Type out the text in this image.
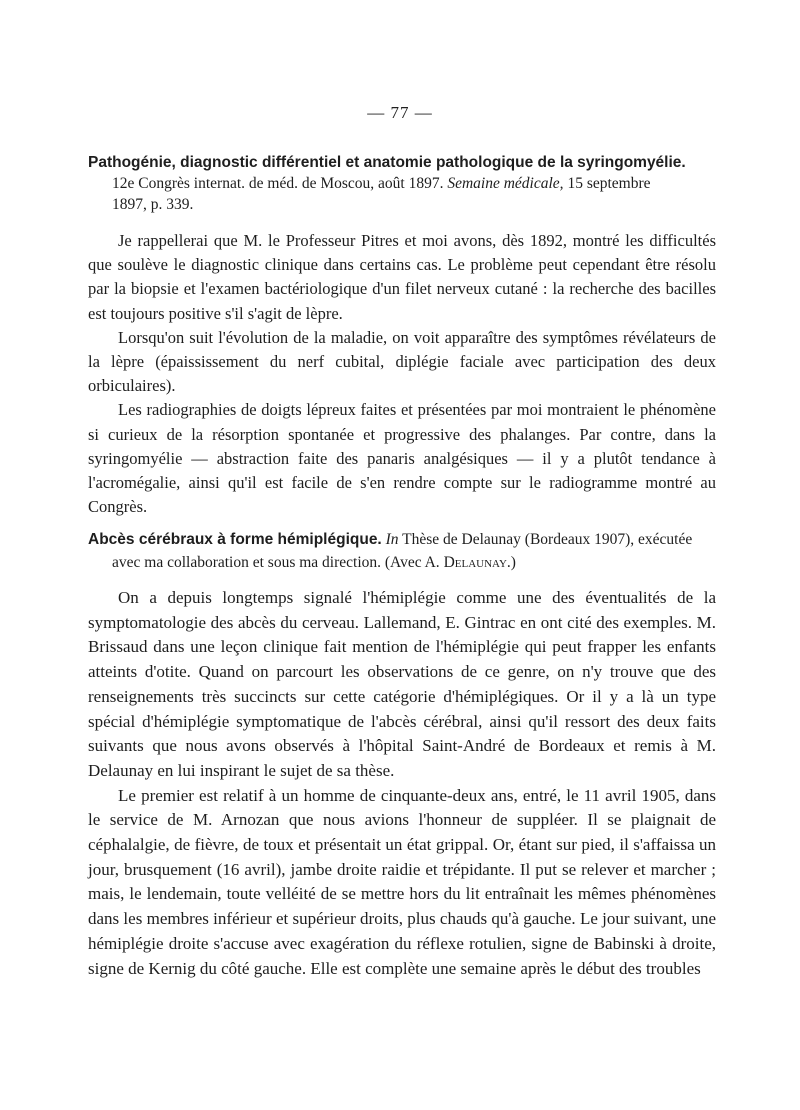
— 77 —
Pathogénie, diagnostic différentiel et anatomie pathologique de la syringomyélie.
12e Congrès internat. de méd. de Moscou, août 1897. Semaine médicale, 15 septembre
1897, p. 339.

Je rappellerai que M. le Professeur Pitres et moi avons, dès 1892, montré les difficultés que soulève le diagnostic clinique dans certains cas. Le problème peut cependant être résolu par la biopsie et l'examen bactériologique d'un filet nerveux cutané : la recherche des bacilles est toujours positive s'il s'agit de lèpre.

Lorsqu'on suit l'évolution de la maladie, on voit apparaître des symptômes révélateurs de la lèpre (épaississement du nerf cubital, diplégie faciale avec participation des deux orbiculaires).

Les radiographies de doigts lépreux faites et présentées par moi montraient le phénomène si curieux de la résorption spontanée et progressive des phalanges. Par contre, dans la syringomyélie — abstraction faite des panaris analgésiques — il y a plutôt tendance à l'acromégalie, ainsi qu'il est facile de s'en rendre compte sur le radiogramme montré au Congrès.

Abcès cérébraux à forme hémiplégique. In Thèse de Delaunay (Bordeaux 1907), exécutée
avec ma collaboration et sous ma direction. (Avec A. Delaunay.)

On a depuis longtemps signalé l'hémiplégie comme une des éventualités de la symptomatologie des abcès du cerveau. Lallemand, E. Gintrac en ont cité des exemples. M. Brissaud dans une leçon clinique fait mention de l'hémiplégie qui peut frapper les enfants atteints d'otite. Quand on parcourt les observations de ce genre, on n'y trouve que des renseignements très succincts sur cette catégorie d'hémiplégiques. Or il y a là un type spécial d'hémiplégie symptomatique de l'abcès cérébral, ainsi qu'il ressort des deux faits suivants que nous avons observés à l'hôpital Saint-André de Bordeaux et remis à M. Delaunay en lui inspirant le sujet de sa thèse.

Le premier est relatif à un homme de cinquante-deux ans, entré, le 11 avril 1905, dans le service de M. Arnozan que nous avions l'honneur de suppléer. Il se plaignait de céphalalgie, de fièvre, de toux et présentait un état grippal. Or, étant sur pied, il s'affaissa un jour, brusquement (16 avril), jambe droite raidie et trépidante. Il put se relever et marcher ; mais, le lendemain, toute velléité de se mettre hors du lit entraînait les mêmes phénomènes dans les membres inférieur et supérieur droits, plus chauds qu'à gauche. Le jour suivant, une hémiplégie droite s'accuse avec exagération du réflexe rotulien, signe de Babinski à droite, signe de Kernig du côté gauche. Elle est complète une semaine après le début des troubles
